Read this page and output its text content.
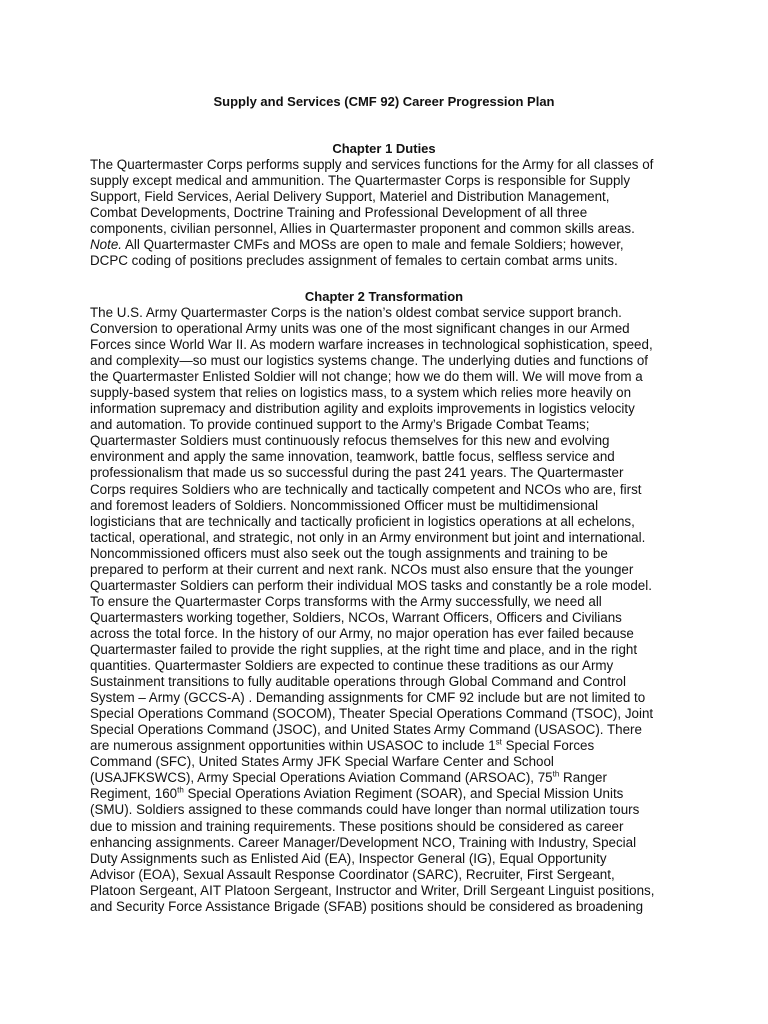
Supply and Services (CMF 92) Career Progression Plan
Chapter 1 Duties
The Quartermaster Corps performs supply and services functions for the Army for all classes of
supply except medical and ammunition. The Quartermaster Corps is responsible for Supply
Support, Field Services, Aerial Delivery Support, Materiel and Distribution Management,
Combat Developments, Doctrine Training and Professional Development of all three
components, civilian personnel, Allies in Quartermaster proponent and common skills areas.
Note. All Quartermaster CMFs and MOSs are open to male and female Soldiers; however,
DCPC coding of positions precludes assignment of females to certain combat arms units.
Chapter 2 Transformation
The U.S. Army Quartermaster Corps is the nation’s oldest combat service support branch.
Conversion to operational Army units was one of the most significant changes in our Armed
Forces since World War II. As modern warfare increases in technological sophistication, speed,
and complexity—so must our logistics systems change. The underlying duties and functions of
the Quartermaster Enlisted Soldier will not change; how we do them will. We will move from a
supply-based system that relies on logistics mass, to a system which relies more heavily on
information supremacy and distribution agility and exploits improvements in logistics velocity
and automation. To provide continued support to the Army’s Brigade Combat Teams;
Quartermaster Soldiers must continuously refocus themselves for this new and evolving
environment and apply the same innovation, teamwork, battle focus, selfless service and
professionalism that made us so successful during the past 241 years. The Quartermaster
Corps requires Soldiers who are technically and tactically competent and NCOs who are, first
and foremost leaders of Soldiers. Noncommissioned Officer must be multidimensional
logisticians that are technically and tactically proficient in logistics operations at all echelons,
tactical, operational, and strategic, not only in an Army environment but joint and international.
Noncommissioned officers must also seek out the tough assignments and training to be
prepared to perform at their current and next rank. NCOs must also ensure that the younger
Quartermaster Soldiers can perform their individual MOS tasks and constantly be a role model.
To ensure the Quartermaster Corps transforms with the Army successfully, we need all
Quartermasters working together, Soldiers, NCOs, Warrant Officers, Officers and Civilians
across the total force. In the history of our Army, no major operation has ever failed because
Quartermaster failed to provide the right supplies, at the right time and place, and in the right
quantities. Quartermaster Soldiers are expected to continue these traditions as our Army
Sustainment transitions to fully auditable operations through Global Command and Control
System – Army (GCCS-A) . Demanding assignments for CMF 92 include but are not limited to
Special Operations Command (SOCOM), Theater Special Operations Command (TSOC), Joint
Special Operations Command (JSOC), and United States Army Command (USASOC). There
are numerous assignment opportunities within USASOC to include 1st Special Forces
Command (SFC), United States Army JFK Special Warfare Center and School
(USAJFKSWCS), Army Special Operations Aviation Command (ARSOAC), 75th Ranger
Regiment, 160th Special Operations Aviation Regiment (SOAR), and Special Mission Units
(SMU). Soldiers assigned to these commands could have longer than normal utilization tours
due to mission and training requirements. These positions should be considered as career
enhancing assignments. Career Manager/Development NCO, Training with Industry, Special
Duty Assignments such as Enlisted Aid (EA), Inspector General (IG), Equal Opportunity
Advisor (EOA), Sexual Assault Response Coordinator (SARC), Recruiter, First Sergeant,
Platoon Sergeant, AIT Platoon Sergeant, Instructor and Writer, Drill Sergeant Linguist positions,
and Security Force Assistance Brigade (SFAB) positions should be considered as broadening
